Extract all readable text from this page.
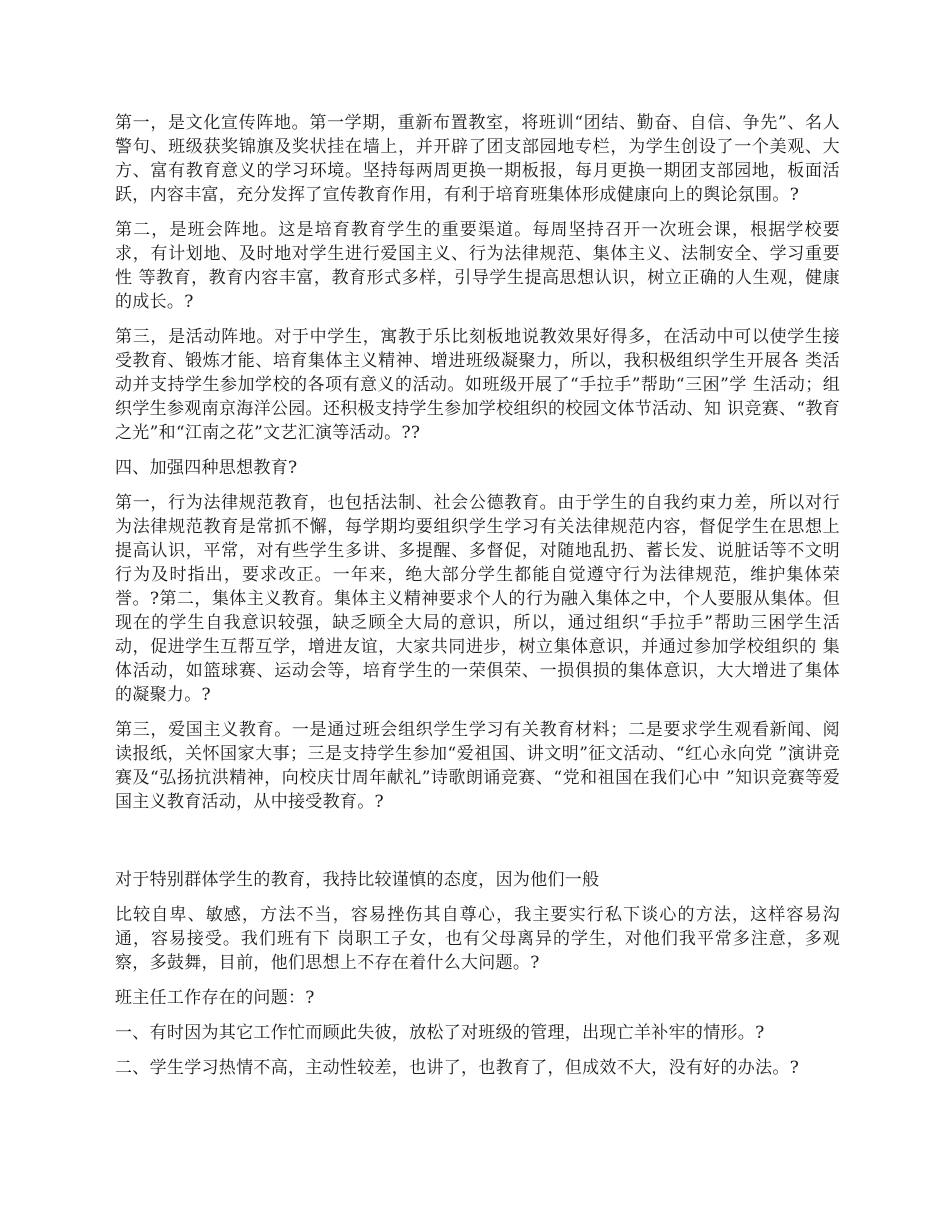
第一，是文化宣传阵地。第一学期，重新布置教室，将班训“团结、勤奋、自信、争先”、名人警句、班级获奖锦旗及奖状挂在墙上，并开辟了团支部园地专栏，为学生创设了一个美观、大方、富有教育意义的学习环境。坚持每两周更换一期板报，每月更换一期团支部园地，板面活跃，内容丰富，充分发挥了宣传教育作用，有利于培育班集体形成健康向上的舆论氛围。?

第二，是班会阵地。这是培育教育学生的重要渠道。每周坚持召开一次班会课，根据学校要求，有计划地、及时地对学生进行爱国主义、行为法律规范、集体主义、法制安全、学习重要性 等教育，教育内容丰富，教育形式多样，引导学生提高思想认识，树立正确的人生观，健康的成长。?

第三，是活动阵地。对于中学生，寓教于乐比刻板地说教效果好得多，在活动中可以使学生接受教育、锻炼才能、培育集体主义精神、增进班级凝聚力，所以，我积极组织学生开展各 类活动并支持学生参加学校的各项有意义的活动。如班级开展了“手拉手”帮助“三困”学 生活动；组织学生参观南京海洋公园。还积极支持学生参加学校组织的校园文体节活动、知 识竞赛、“教育之光”和“江南之花”文艺汇演等活动。??

四、加强四种思想教育?

第一，行为法律规范教育，也包括法制、社会公德教育。由于学生的自我约束力差，所以对行为法律规范教育是常抓不懈，每学期均要组织学生学习有关法律规范内容，督促学生在思想上提高认识，平常，对有些学生多讲、多提醒、多督促，对随地乱扔、蓄长发、说脏话等不文明行为及时指出，要求改正。一年来，绝大部分学生都能自觉遵守行为法律规范，维护集体荣誉。?第二，集体主义教育。集体主义精神要求个人的行为融入集体之中，个人要服从集体。但现在的学生自我意识较强，缺乏顾全大局的意识，所以，通过组织“手拉手”帮助三困学生活动，促进学生互帮互学，增进友谊，大家共同进步，树立集体意识，并通过参加学校组织的 集体活动，如篮球赛、运动会等，培育学生的一荣俱荣、一损俱损的集体意识，大大增进了集体的凝聚力。?

第三，爱国主义教育。一是通过班会组织学生学习有关教育材料；二是要求学生观看新闻、阅读报纸，关怀国家大事；三是支持学生参加“爱祖国、讲文明”征文活动、“红心永向党 ”演讲竞赛及“弘扬抗洪精神，向校庆廿周年献礼”诗歌朗诵竞赛、“党和祖国在我们心中 ”知识竞赛等爱国主义教育活动，从中接受教育。?

对于特别群体学生的教育，我持比较谨慎的态度，因为他们一般

比较自卑、敏感，方法不当，容易挫伤其自尊心，我主要实行私下谈心的方法，这样容易沟通，容易接受。我们班有下 岗职工子女，也有父母离异的学生，对他们我平常多注意，多观察，多鼓舞，目前，他们思想上不存在着什么大问题。?

班主任工作存在的问题：?

一、有时因为其它工作忙而顾此失彼，放松了对班级的管理，出现亡羊补牢的情形。?

二、学生学习热情不高，主动性较差，也讲了，也教育了，但成效不大，没有好的办法。?
